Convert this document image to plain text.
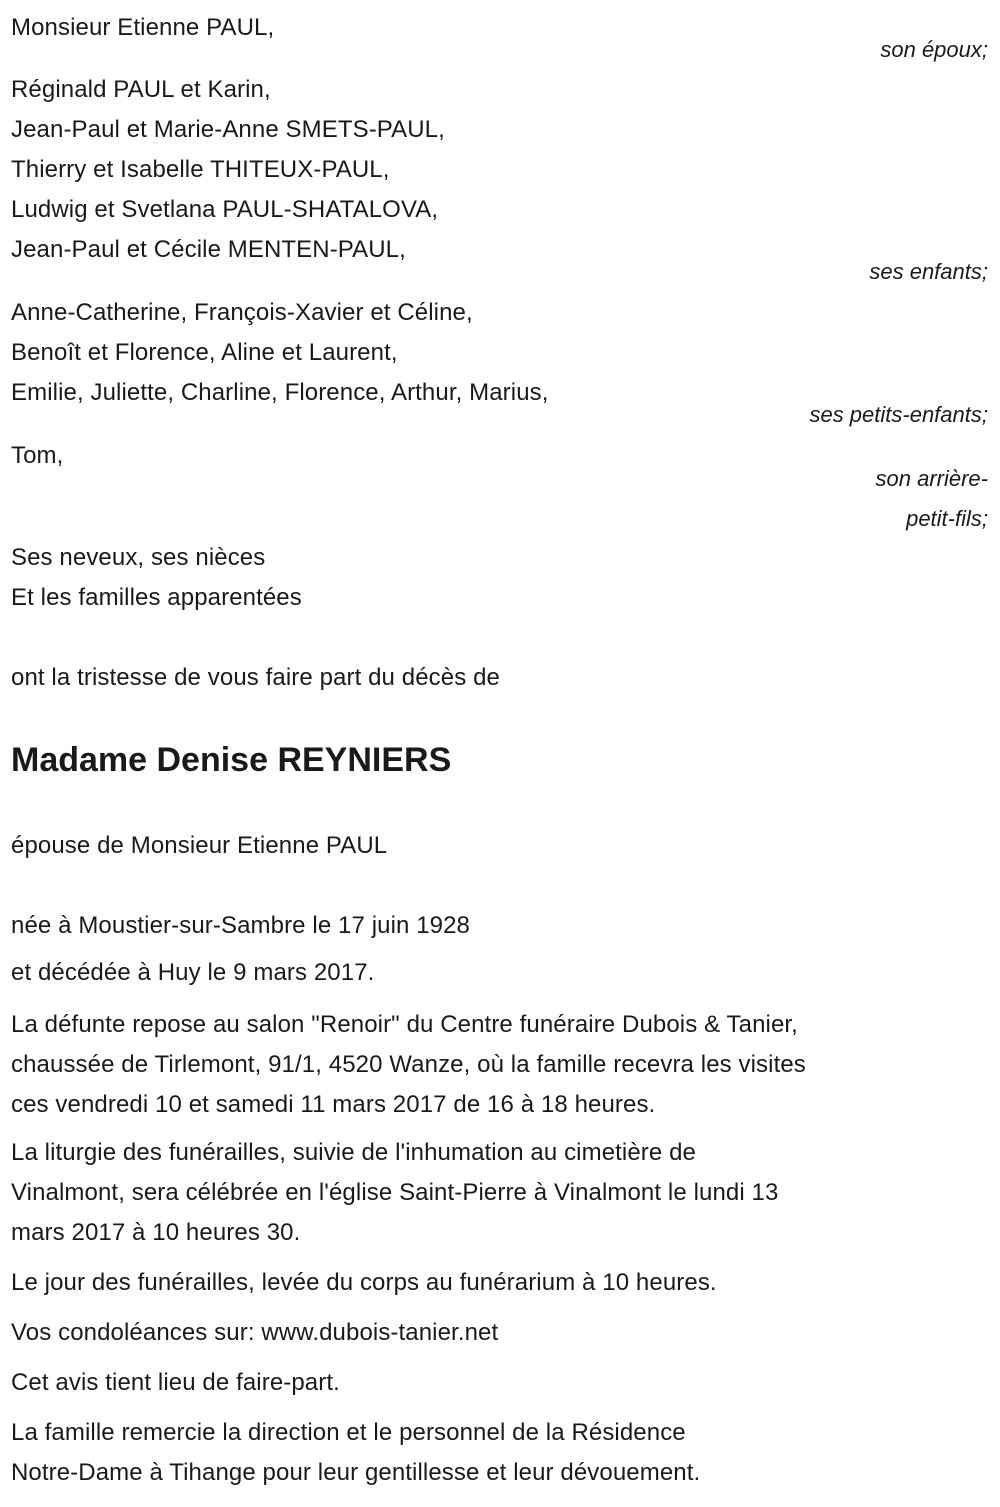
Monsieur Etienne PAUL,
son époux;
Réginald PAUL et Karin,
Jean-Paul et Marie-Anne SMETS-PAUL,
Thierry et Isabelle THITEUX-PAUL,
Ludwig et Svetlana PAUL-SHATALOVA,
Jean-Paul et Cécile MENTEN-PAUL,
ses enfants;
Anne-Catherine, François-Xavier et Céline,
Benoît et Florence, Aline et Laurent,
Emilie, Juliette, Charline, Florence, Arthur, Marius,
ses petits-enfants;
Tom,
son arrière-
petit-fils;
Ses neveux, ses nièces
Et les familles apparentées
ont la tristesse de vous faire part du décès de
Madame Denise REYNIERS
épouse de Monsieur Etienne PAUL
née à Moustier-sur-Sambre le 17 juin 1928
et décédée à Huy le 9 mars 2017.
La défunte repose au salon "Renoir" du Centre funéraire Dubois & Tanier,
chaussée de Tirlemont, 91/1, 4520 Wanze, où la famille recevra les visites
ces vendredi 10 et samedi 11 mars 2017 de 16 à 18 heures.
La liturgie des funérailles, suivie de l'inhumation au cimetière de
Vinalmont, sera célébrée en l'église Saint-Pierre à Vinalmont le lundi 13
mars 2017 à 10 heures 30.
Le jour des funérailles, levée du corps au funérarium à 10 heures.
Vos condoléances sur: www.dubois-tanier.net
Cet avis tient lieu de faire-part.
La famille remercie la direction et le personnel de la Résidence
Notre-Dame à Tihange pour leur gentillesse et leur dévouement.
